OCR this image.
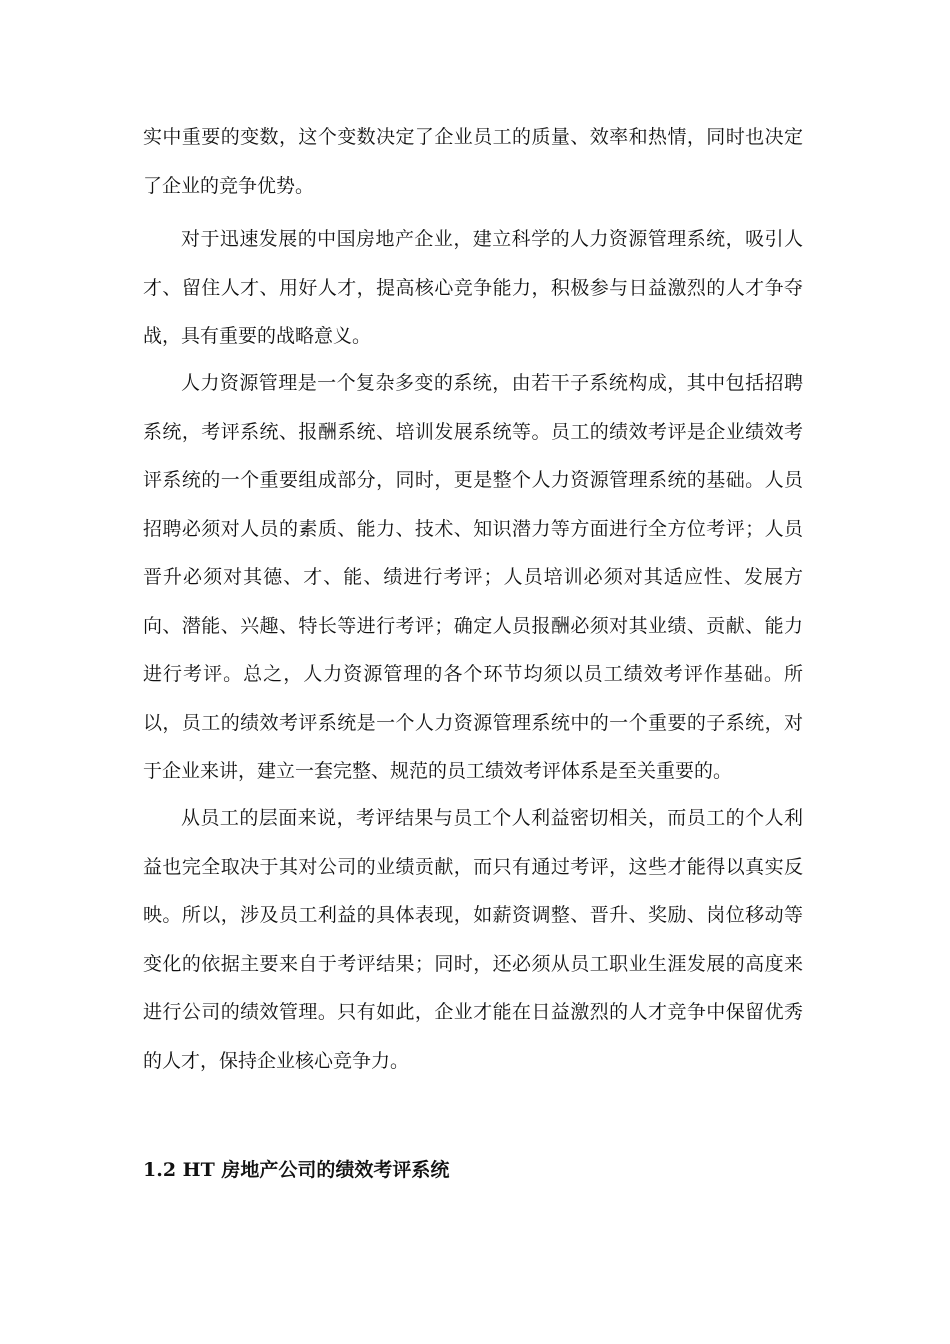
实中重要的变数，这个变数决定了企业员工的质量、效率和热情，同时也决定了企业的竞争优势。

对于迅速发展的中国房地产企业，建立科学的人力资源管理系统，吸引人才、留住人才、用好人才，提高核心竞争能力，积极参与日益激烈的人才争夺战，具有重要的战略意义。

人力资源管理是一个复杂多变的系统，由若干子系统构成，其中包括招聘系统，考评系统、报酬系统、培训发展系统等。员工的绩效考评是企业绩效考评系统的一个重要组成部分，同时，更是整个人力资源管理系统的基础。人员招聘必须对人员的素质、能力、技术、知识潜力等方面进行全方位考评；人员晋升必须对其德、才、能、绩进行考评；人员培训必须对其适应性、发展方向、潜能、兴趣、特长等进行考评；确定人员报酬必须对其业绩、贡献、能力进行考评。总之，人力资源管理的各个环节均须以员工绩效考评作基础。所以，员工的绩效考评系统是一个人力资源管理系统中的一个重要的子系统，对于企业来讲，建立一套完整、规范的员工绩效考评体系是至关重要的。

从员工的层面来说，考评结果与员工个人利益密切相关，而员工的个人利益也完全取决于其对公司的业绩贡献，而只有通过考评，这些才能得以真实反映。所以，涉及员工利益的具体表现，如薪资调整、晋升、奖励、岗位移动等变化的依据主要来自于考评结果；同时，还必须从员工职业生涯发展的高度来进行公司的绩效管理。只有如此，企业才能在日益激烈的人才竞争中保留优秀的人才，保持企业核心竞争力。

1.2 HT 房地产公司的绩效考评系统
